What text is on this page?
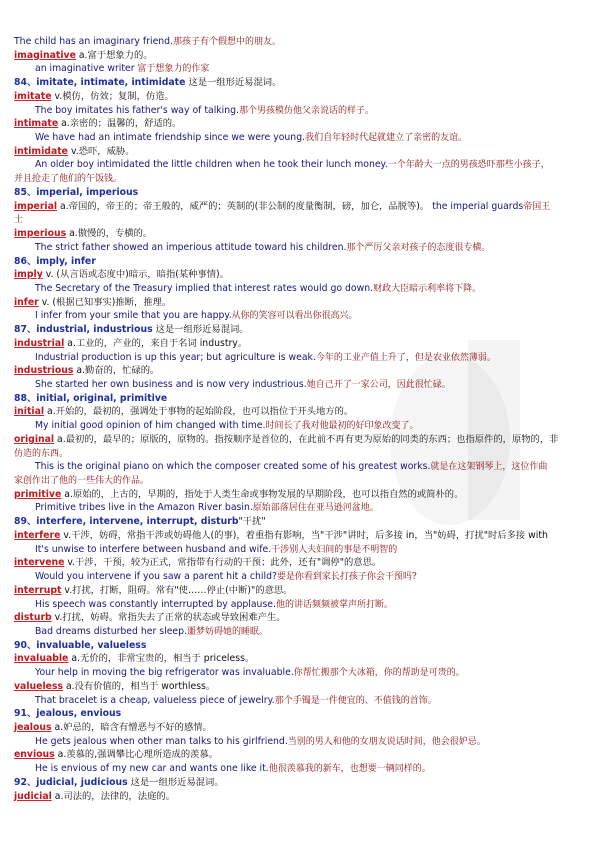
The child has an imaginary friend.那孩子有个假想中的朋友。
imaginative a.富于想象力的。
an imaginative writer 富于想象力的作家
84、imitate, intimate, intimidate 这是一组形近易混词。
imitate v.模仿，仿效；复制，仿造。
The boy imitates his father's way of talking.那个男孩模仿他父亲说话的样子。
intimate a.亲密的；温馨的，舒适的。
We have had an intimate friendship since we were young.我们自年轻时代起就建立了亲密的友谊。
intimidate v.恐吓，威胁。
An older boy intimidated the little children when he took their lunch money.一个年龄大一点的男孩恐吓那些小孩子，
并且抢走了他们的午饭钱。
85、imperial, imperious
imperial a.帝国的，帝王的；帝王般的，威严的；英制的(非公制的度量衡制，磅，加仑，品脱等)。 the imperial guards帝国王
士
imperious a.傲慢的，专横的。
The strict father showed an imperious attitude toward his children.那个严厉父亲对孩子的态度很专横。
86、imply, infer
imply v. (从言语或态度中)暗示，暗指(某种事情)。
The Secretary of the Treasury implied that interest rates would go down.财政大臣暗示利率将下降。
infer v. (根据已知事实)推断，推理。
I infer from your smile that you are happy.从你的笑容可以看出你很高兴。
87、industrial, industrious 这是一组形近易混词。
industrial a.工业的，产业的，来自于名词 industry。
Industrial production is up this year; but agriculture is weak.今年的工业产值上升了，但是农业依然薄弱。
industrious a.勤奋的，忙碌的。
She started her own business and is now very industrious.她自己开了一家公司，因此很忙碌。
88、initial, original, primitive
initial a.开始的，最初的，强调处于事物的起始阶段，也可以指位于开头地方的。
My initial good opinion of him changed with time.时间长了我对他最初的好印象改变了。
original a.最初的，最早的；原版的，原物的。指按顺序是首位的，在此前不再有更为原始的同类的东西；也指原件的，原物的，非
仿造的东西。
This is the original piano on which the composer created some of his greatest works.就是在这架钢琴上，这位作曲
家创作出了他的一些伟大的作品。
primitive a.原始的，上古的，早期的，指处于人类生命或事物发展的早期阶段，也可以指自然的或简朴的。
Primitive tribes live in the Amazon River basin.原始部落居住在亚马逊河盆地。
89、interfere, intervene, interrupt, disturb"干扰"
interfere v.干涉，妨碍，常指干涉或妨碍他人(的事)，着重指有影响，当"干涉"讲时，后多接 in，当"妨碍，打扰"时后多接 with
It's unwise to interfere between husband and wife.干涉别人夫妇间的事是不明智的
intervene v.干涉，干预，较为正式，常指带有行动的干预；此外，还有"调停"的意思。
Would you intervene if you saw a parent hit a child?要是你看到家长打孩子你会干预吗?
interrupt v.打扰，打断，阻碍。常有"使……停止(中断)"的意思。
His speech was constantly interrupted by applause.他的讲话频频被掌声所打断。
disturb v.打扰，妨碍。常指失去了正常的状态或导致困难产生。
Bad dreams disturbed her sleep.噩梦妨碍她的睡眠。
90、invaluable, valueless
invaluable a.无价的，非常宝贵的，相当于 priceless。
Your help in moving the big refrigerator was invaluable.你帮忙搬那个大冰箱，你的帮助是可贵的。
valueless a.没有价值的，相当于 worthless。
That bracelet is a cheap, valueless piece of jewelry.那个手镯是一件便宜的、不值钱的首饰。
91、jealous, envious
jealous a.妒忌的，暗含有憎恶与不好的感情。
He gets jealous when other man talks to his girlfriend.当别的男人和他的女朋友说话时间，他会很妒忌。
envious a.羡慕的,强调攀比心理所造成的羡慕。
He is envious of my new car and wants one like it.他很羡慕我的新车，也想要一辆同样的。
92、judicial, judicious 这是一组形近易混词。
judicial a.司法的，法律的，法庭的。
